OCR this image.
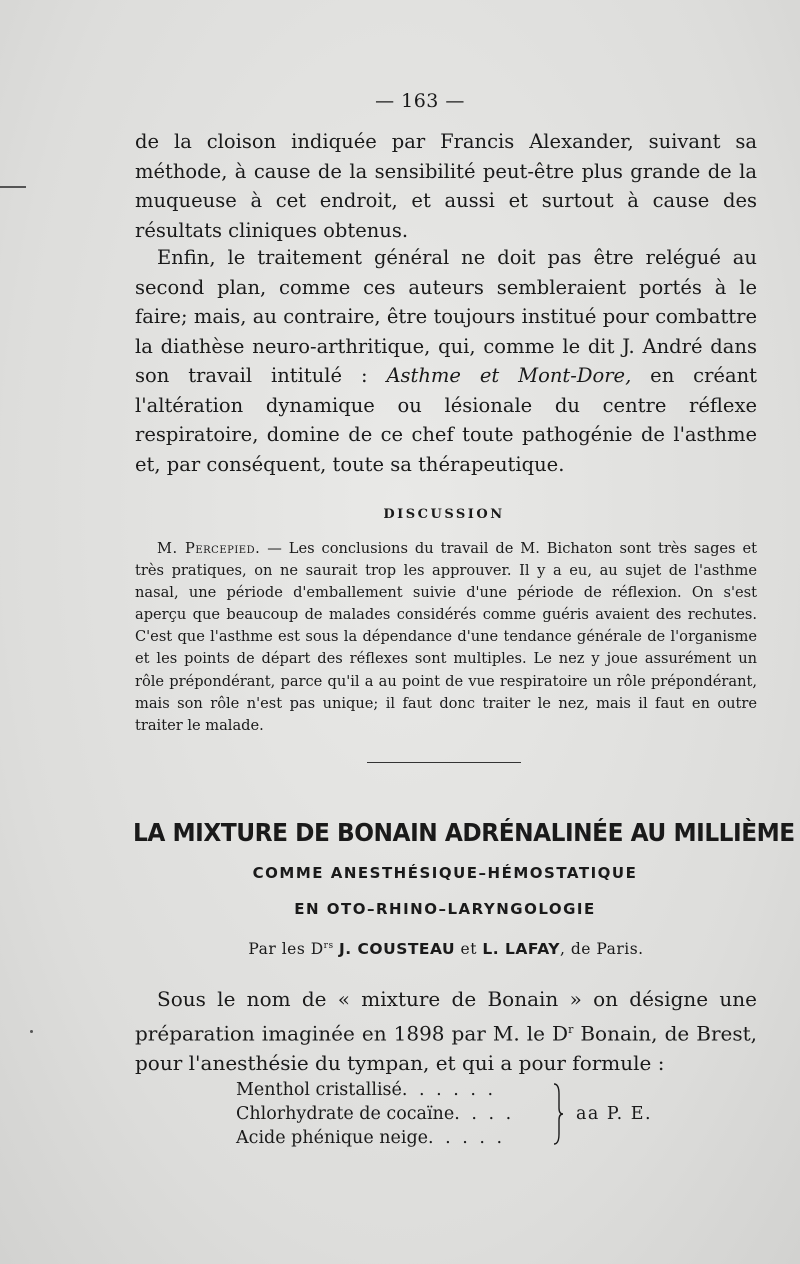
— 163 —

de la cloison indiquée par Francis Alexander, suivant sa méthode, à cause de la sensibilité peut-être plus grande de la muqueuse à cet endroit, et aussi et surtout à cause des résultats cliniques obtenus.

Enfin, le traitement général ne doit pas être relégué au second plan, comme ces auteurs sembleraient portés à le faire; mais, au contraire, être toujours institué pour combattre la diathèse neuro-arthritique, qui, comme le dit J. André dans son travail intitulé : Asthme et Mont-Dore, en créant l'altération dynamique ou lésionale du centre réflexe respiratoire, domine de ce chef toute pathogénie de l'asthme et, par conséquent, toute sa thérapeutique.

DISCUSSION
M. Percepied. — Les conclusions du travail de M. Bichaton sont très sages et très pratiques, on ne saurait trop les approuver. Il y a eu, au sujet de l'asthme nasal, une période d'emballement suivie d'une période de réflexion. On s'est aperçu que beaucoup de malades considérés comme guéris avaient des rechutes. C'est que l'asthme est sous la dépendance d'une tendance générale de l'organisme et les points de départ des réflexes sont multiples. Le nez y joue assurément un rôle prépondérant, parce qu'il a au point de vue respiratoire un rôle prépondérant, mais son rôle n'est pas unique; il faut donc traiter le nez, mais il faut en outre traiter le malade.
LA MIXTURE DE BONAIN ADRÉNALINÉE AU MILLIÈME
COMME ANESTHÉSIQUE–HÉMOSTATIQUE
EN OTO–RHINO–LARYNGOLOGIE
Par les $D^{rs}$ J. COUSTEAU et L. LAFAY, de Paris.

Sous le nom de « mixture de Bonain » on désigne une préparation imaginée en 1898 par M. le $D^r$ Bonain, de Brest, pour l'anesthésie du tympan, et qui a pour formule :

Menthol cristallisé. . . . . .
Chlorhydrate de cocaïne. . . .
Acide phénique neige. . . . .
aa P. E.
